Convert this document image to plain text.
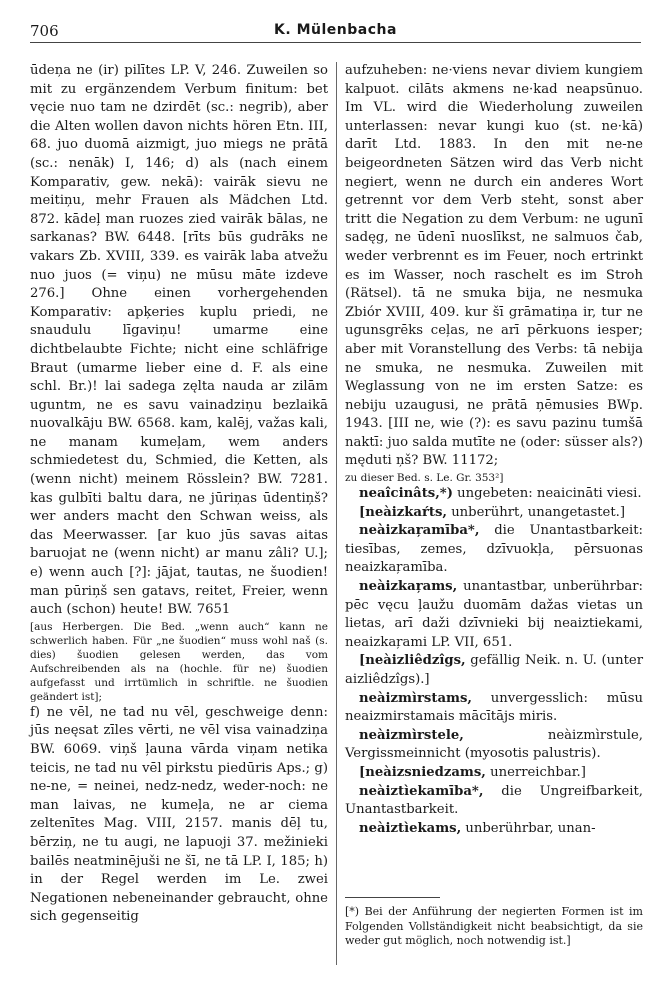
706	K. Mülenbacha

ūdeņa ne (ir) pilītes LP. V, 246. Zuweilen so mit zu ergänzendem Verbum finitum: bet vęcie nuo tam ne dzirdēt (sc.: negrib), aber die Alten wollen davon nichts hören Etn. III, 68. juo duomā aizmigt, juo miegs ne prātā (sc.: nenāk) I, 146; d) als (nach einem Komparativ, gew. nekā): vairāk sievu ne meitiņu, mehr Frauen als Mädchen Ltd. 872. kādeļ man ruozes zied vairāk bālas, ne sarkanas? BW. 6448. [rīts būs gudrāks ne vakars Zb. XVIII, 339. es vairāk laba atvežu nuo juos (= viņu) ne mūsu māte izdeve 276.] Ohne einen vorhergehenden Komparativ: apķeries kuplu priedi, ne snaudulu līgaviņu! umarme eine dichtbelaubte Fichte; nicht eine schläfrige Braut (umarme lieber eine d. F. als eine schl. Br.)! lai sadega zęlta nauda ar zilām uguntm, ne es savu vainadziņu bezlaikā nuovalkāju BW. 6568. kam, kalēj, važas kali, ne manam kumeļam, wem anders schmiedetest du, Schmied, die Ketten, als (wenn nicht) meinem Rösslein? BW. 7281. kas gulbīti baltu dara, ne jūriņas ūdentiņš? wer anders macht den Schwan weiss, als das Meerwasser. [ar kuo jūs savas aitas baruojat ne (wenn nicht) ar manu zâli? U.]; e) wenn auch [?]: jājat, tautas, ne šuodien! man pūriņš sen gatavs, reitet, Freier, wenn auch (schon) heute! BW. 7651

[aus Herbergen. Die Bed. „wenn auch“ kann ne schwerlich haben. Für „ne šuodien“ muss wohl naš (s. dies) šuodien gelesen werden, das vom Aufschreibenden als na (hochle. für ne) šuodien aufgefasst und irrtümlich in schriftle. ne šuodien geändert ist];

f) ne vēl, ne tad nu vēl, geschweige denn: jūs neęsat zīles vērti, ne vēl visa vainadziņa BW. 6069. viņš ļauna vārda viņam netika teicis, ne tad nu vēl pirkstu piedūris Aps.; g) ne-ne, = neinei, nedz-nedz, weder-noch: ne man laivas, ne kumeļa, ne ar ciema zeltenītes Mag. VIII, 2157. manis dēļ tu, bērziņ, ne tu augi, ne lapuoji 37. mežinieki bailēs neatminējuši ne šī, ne tā LP. I, 185; h) in der Regel werden im Le. zwei Negationen nebeneinander gebraucht, ohne sich gegenseitig

aufzuheben: ne·viens nevar diviem kungiem kalpuot. cilāts akmens ne·kad neapsūnuo. Im VL. wird die Wiederholung zuweilen unterlassen: nevar kungi kuo (st. ne·kā) darīt Ltd. 1883. In den mit ne-ne beigeordneten Sätzen wird das Verb nicht negiert, wenn ne durch ein anderes Wort getrennt vor dem Verb steht, sonst aber tritt die Negation zu dem Verbum: ne ugunī sadęg, ne ūdenī nuoslīkst, ne salmuos čab, weder verbrennt es im Feuer, noch ertrinkt es im Wasser, noch raschelt es im Stroh (Rätsel). tā ne smuka bija, ne nesmuka Zbiór XVIII, 409. kur šī grāmatiņa ir, tur ne ugunsgrēks ceļas, ne arī pērkuons iesper; aber mit Voranstellung des Verbs: tā nebija ne smuka, ne nesmuka. Zuweilen mit Weglassung von ne im ersten Satze: es nebiju uzaugusi, ne prātā ņēmusies BWp. 1943. [III ne, wie (?): es savu pazinu tumšā naktī: juo salda mutīte ne (oder: süsser als?) męduti ņš? BW. 11172;

zu dieser Bed. s. Le. Gr. 353²]

neaîcinâts,*) ungebeten: neaicināti viesi.

[neàizkaŕts, unberührt, unangetastet.]

neàizkaŗamība*, die Unantastbarkeit: tiesības, zemes, dzīvuokļa, pērsuonas neaizkaŗamība.

neàizkaŗams, unantastbar, unberührbar: pēc vęcu ļaužu duomām dažas vietas un lietas, arī daži dzīvnieki bij neaiztiekami, neaizkaŗami LP. VII, 651.

[neàizliêdzîgs, gefällig Neik. n. U. (unter aizliêdzîgs).]

neàizmìrstams, unvergesslich: mūsu neaizmirstamais mācītājs miris.

neàizmìrstele, neàizmìrstule, Vergissmeinnicht (myosotis palustris).

[neàizsniedzams, unerreichbar.]

neàiztìekamība*, die Ungreifbarkeit, Unantastbarkeit.

neàiztìekams, unberührbar, unan-

[*) Bei der Anführung der negierten Formen ist im Folgenden Vollständigkeit nicht beabsichtigt, da sie weder gut möglich, noch notwendig ist.]
